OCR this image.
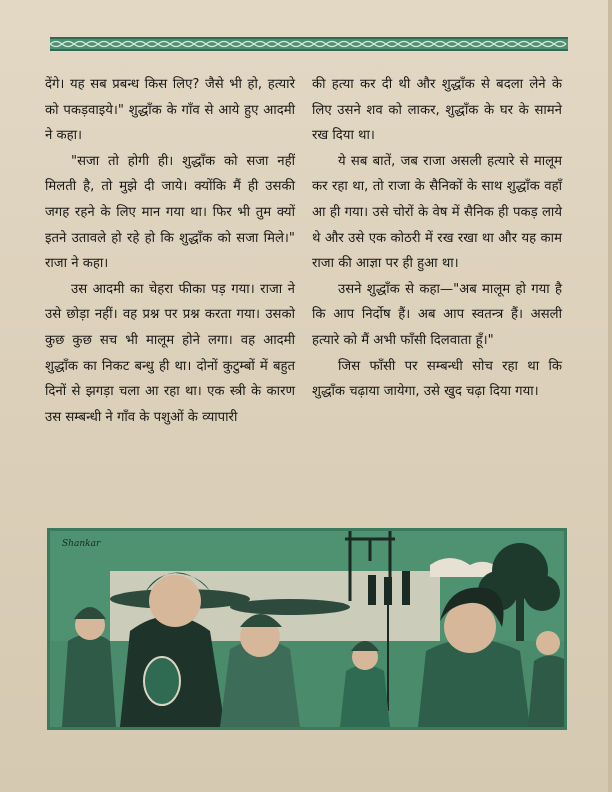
देंगे। यह सब प्रबन्ध किस लिए? जैसे भी हो, हत्यारे को पकड़वाइये।" शुद्धाँक के गाँव से आये हुए आदमी ने कहा।

"सजा तो होगी ही। शुद्धाँक को सजा नहीं मिलती है, तो मुझे दी जाये। क्योंकि मैं ही उसकी जगह रहने के लिए मान गया था। फिर भी तुम क्यों इतने उतावले हो रहे हो कि शुद्धाँक को सजा मिले।" राजा ने कहा।

उस आदमी का चेहरा फीका पड़ गया। राजा ने उसे छोड़ा नहीं। वह प्रश्न पर प्रश्न करता गया। उसको कुछ कुछ सच भी मालूम होने लगा। वह आदमी शुद्धाँक का निकट बन्धु ही था। दोनों कुटुम्बों में बहुत दिनों से झगड़ा चला आ रहा था। एक स्त्री के कारण उस सम्बन्धी ने गाँव के पशुओं के व्यापारी

की हत्या कर दी थी और शुद्धाँक से बदला लेने के लिए उसने शव को लाकर, शुद्धाँक के घर के सामने रख दिया था।

ये सब बातें, जब राजा असली हत्यारे से मालूम कर रहा था, तो राजा के सैनिकों के साथ शुद्धाँक वहाँ आ ही गया। उसे चोरों के वेष में सैनिक ही पकड़ लाये थे और उसे एक कोठरी में रख रखा था और यह काम राजा की आज्ञा पर ही हुआ था।

उसने शुद्धाँक से कहा—"अब मालूम हो गया है कि आप निर्दोष हैं। अब आप स्वतन्त्र हैं। असली हत्यारे को मैं अभी फाँसी दिलवाता हूँ।"

जिस फाँसी पर सम्बन्धी सोच रहा था कि शुद्धाँक चढ़ाया जायेगा, उसे खुद चढ़ा दिया गया।

Shankar
